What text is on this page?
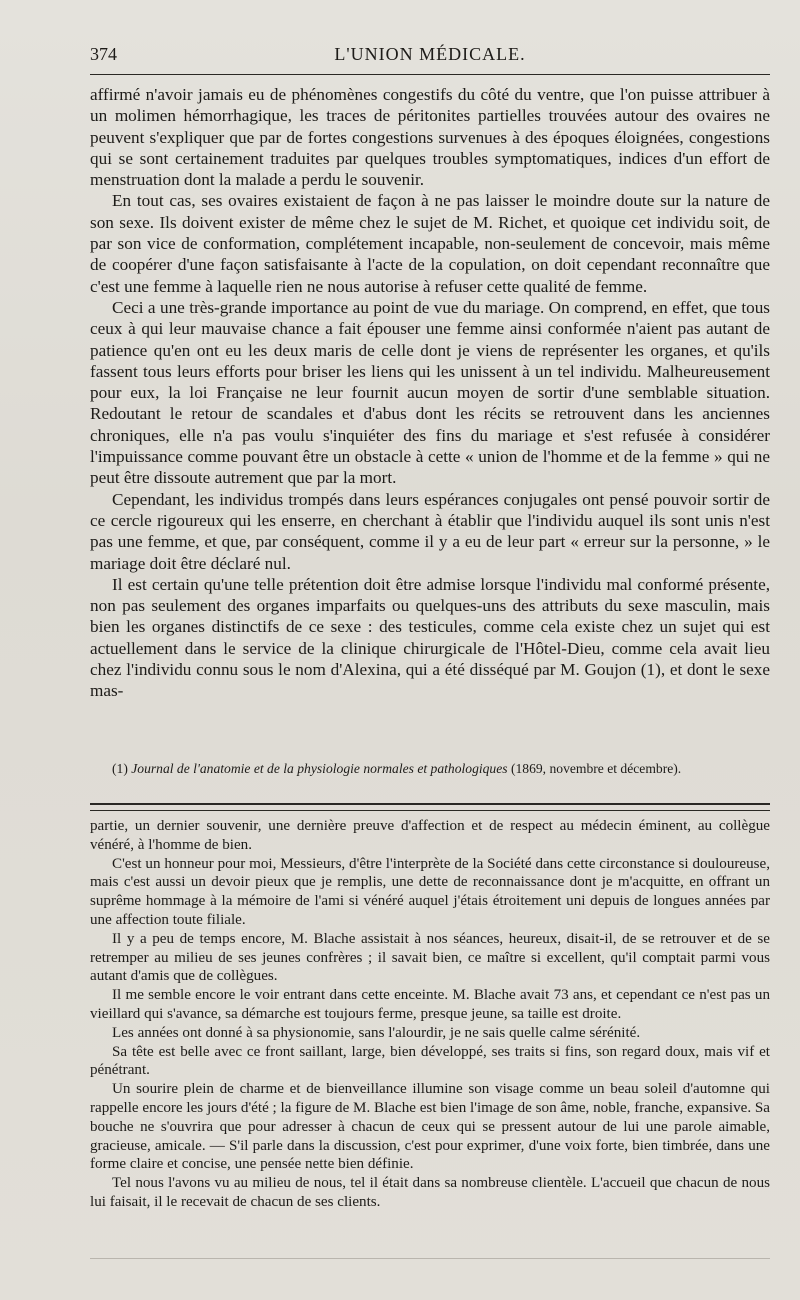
374	L'UNION MÉDICALE.

affirmé n'avoir jamais eu de phénomènes congestifs du côté du ventre, que l'on puisse attribuer à un molimen hémorrhagique, les traces de péritonites partielles trouvées autour des ovaires ne peuvent s'expliquer que par de fortes congestions survenues à des époques éloignées, congestions qui se sont certainement traduites par quelques troubles symptomatiques, indices d'un effort de menstruation dont la malade a perdu le souvenir.

En tout cas, ses ovaires existaient de façon à ne pas laisser le moindre doute sur la nature de son sexe. Ils doivent exister de même chez le sujet de M. Richet, et quoique cet individu soit, de par son vice de conformation, complétement incapable, non-seulement de concevoir, mais même de coopérer d'une façon satisfaisante à l'acte de la copulation, on doit cependant reconnaître que c'est une femme à laquelle rien ne nous autorise à refuser cette qualité de femme.

Ceci a une très-grande importance au point de vue du mariage. On comprend, en effet, que tous ceux à qui leur mauvaise chance a fait épouser une femme ainsi conformée n'aient pas autant de patience qu'en ont eu les deux maris de celle dont je viens de représenter les organes, et qu'ils fassent tous leurs efforts pour briser les liens qui les unissent à un tel individu. Malheureusement pour eux, la loi Française ne leur fournit aucun moyen de sortir d'une semblable situation. Redoutant le retour de scandales et d'abus dont les récits se retrouvent dans les anciennes chroniques, elle n'a pas voulu s'inquiéter des fins du mariage et s'est refusée à considérer l'impuissance comme pouvant être un obstacle à cette « union de l'homme et de la femme » qui ne peut être dissoute autrement que par la mort.

Cependant, les individus trompés dans leurs espérances conjugales ont pensé pouvoir sortir de ce cercle rigoureux qui les enserre, en cherchant à établir que l'individu auquel ils sont unis n'est pas une femme, et que, par conséquent, comme il y a eu de leur part « erreur sur la personne, » le mariage doit être déclaré nul.

Il est certain qu'une telle prétention doit être admise lorsque l'individu mal conformé présente, non pas seulement des organes imparfaits ou quelques-uns des attributs du sexe masculin, mais bien les organes distinctifs de ce sexe : des testicules, comme cela existe chez un sujet qui est actuellement dans le service de la clinique chirurgicale de l'Hôtel-Dieu, comme cela avait lieu chez l'individu connu sous le nom d'Alexina, qui a été disséqué par M. Goujon (1), et dont le sexe mas-

(1) Journal de l'anatomie et de la physiologie normales et pathologiques (1869, novembre et décembre).

partie, un dernier souvenir, une dernière preuve d'affection et de respect au médecin éminent, au collègue vénéré, à l'homme de bien.

C'est un honneur pour moi, Messieurs, d'être l'interprète de la Société dans cette circonstance si douloureuse, mais c'est aussi un devoir pieux que je remplis, une dette de reconnaissance dont je m'acquitte, en offrant un suprême hommage à la mémoire de l'ami si vénéré auquel j'étais étroitement uni depuis de longues années par une affection toute filiale.

Il y a peu de temps encore, M. Blache assistait à nos séances, heureux, disait-il, de se retrouver et de se retremper au milieu de ses jeunes confrères ; il savait bien, ce maître si excellent, qu'il comptait parmi vous autant d'amis que de collègues.

Il me semble encore le voir entrant dans cette enceinte. M. Blache avait 73 ans, et cependant ce n'est pas un vieillard qui s'avance, sa démarche est toujours ferme, presque jeune, sa taille est droite.

Les années ont donné à sa physionomie, sans l'alourdir, je ne sais quelle calme sérénité.

Sa tête est belle avec ce front saillant, large, bien développé, ses traits si fins, son regard doux, mais vif et pénétrant.

Un sourire plein de charme et de bienveillance illumine son visage comme un beau soleil d'automne qui rappelle encore les jours d'été ; la figure de M. Blache est bien l'image de son âme, noble, franche, expansive. Sa bouche ne s'ouvrira que pour adresser à chacun de ceux qui se pressent autour de lui une parole aimable, gracieuse, amicale. — S'il parle dans la discussion, c'est pour exprimer, d'une voix forte, bien timbrée, dans une forme claire et concise, une pensée nette bien définie.

Tel nous l'avons vu au milieu de nous, tel il était dans sa nombreuse clientèle. L'accueil que chacun de nous lui faisait, il le recevait de chacun de ses clients.
